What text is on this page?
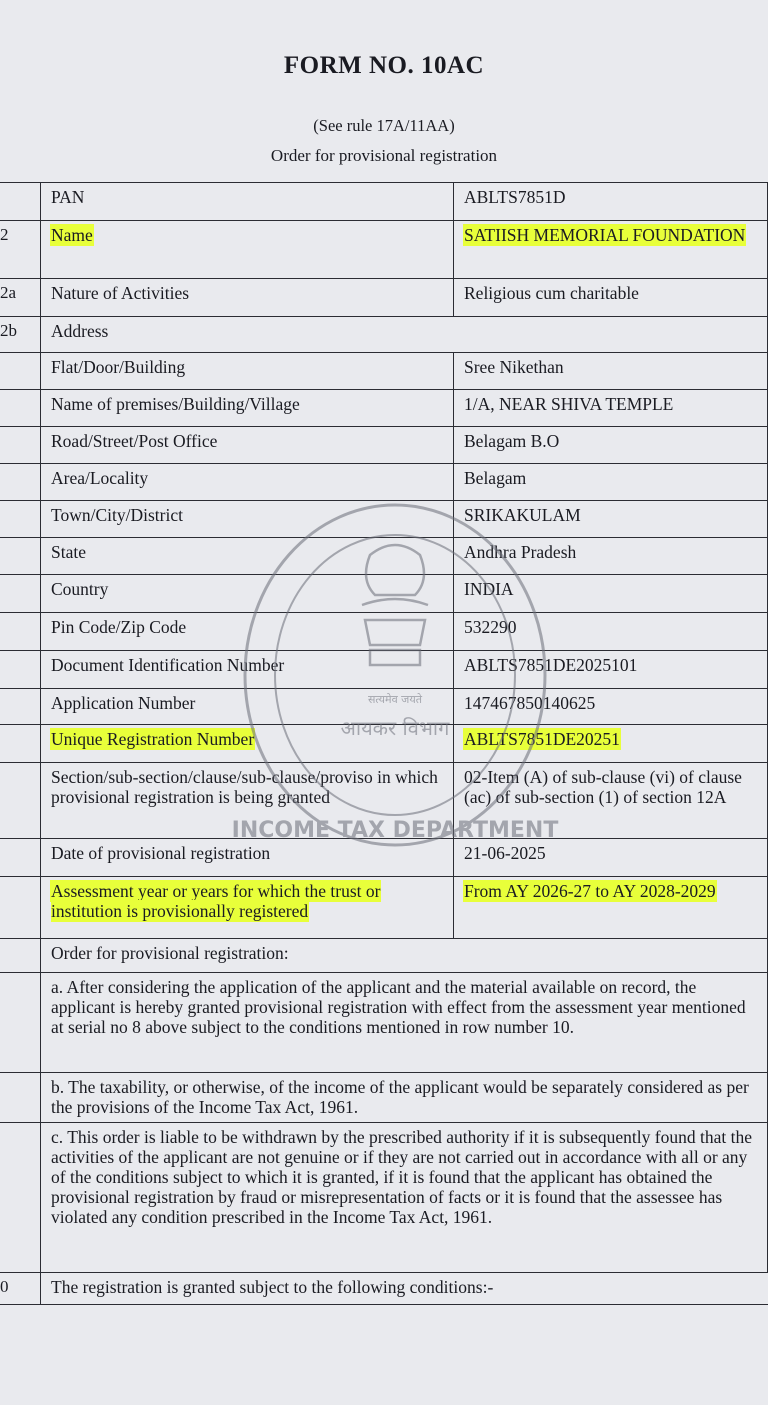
FORM NO. 10AC
(See rule 17A/11AA)
Order for provisional registration
	PAN	ABLTS7851D
2	Name	SATIISH MEMORIAL FOUNDATION
2a	Nature of Activities	Religious cum charitable
2b	Address	
	Flat/Door/Building	Sree Nikethan
	Name of premises/Building/Village	1/A, NEAR SHIVA TEMPLE
	Road/Street/Post Office	Belagam B.O
	Area/Locality	Belagam
	Town/City/District	SRIKAKULAM
	State	Andhra Pradesh
	Country	INDIA
	Pin Code/Zip Code	532290
	Document Identification Number	ABLTS7851DE2025101
	Application Number	147467850140625
	Unique Registration Number	ABLTS7851DE20251
	Section/sub-section/clause/sub-clause/proviso in which provisional registration is being granted	02-Item (A) of sub-clause (vi) of clause (ac) of sub-section (1) of section 12A
	Date of provisional registration	21-06-2025
	Assessment year or years for which the trust or institution is provisionally registered	From AY 2026-27 to AY 2028-2029
	Order for provisional registration:	
	a. After considering the application of the applicant and the material available on record, the applicant is hereby granted provisional registration with effect from the assessment year mentioned at serial no 8 above subject to the conditions mentioned in row number 10.	
	b. The taxability, or otherwise, of the income of the applicant would be separately considered as per the provisions of the Income Tax Act, 1961.	
	c. This order is liable to be withdrawn by the prescribed authority if it is subsequently found that the activities of the applicant are not genuine or if they are not carried out in accordance with all or any of the conditions subject to which it is granted, if it is found that the applicant has obtained the provisional registration by fraud or misrepresentation of facts or it is found that the assessee has violated any condition prescribed in the Income Tax Act, 1961.	
0	The registration is granted subject to the following conditions:-	
सत्यमेव जयते
आयकर विभाग
INCOME TAX DEPARTMENT
